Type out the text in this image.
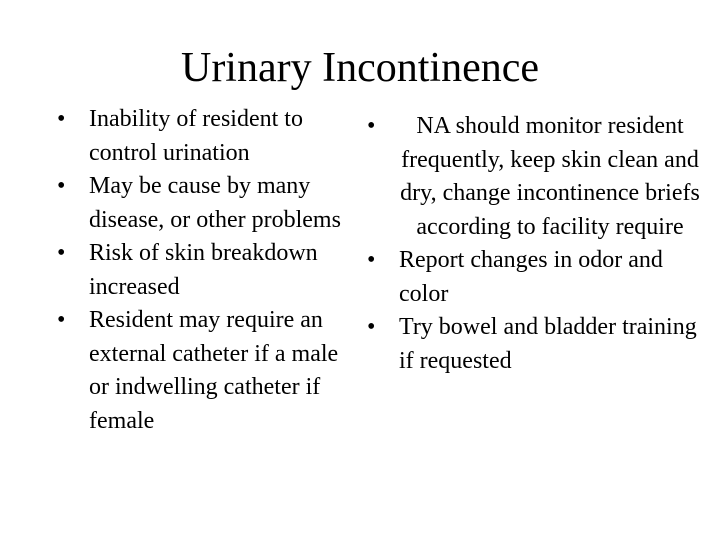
Urinary Incontinence
• Inability of resident to control urination
• May be cause by many disease, or other problems
• Risk of skin breakdown increased
• Resident may require an external catheter if a male or indwelling catheter if female
•	NA should monitor resident frequently, keep skin clean and dry, change incontinence briefs according to facility require
• Report changes in odor and color
• Try bowel and bladder training if requested
